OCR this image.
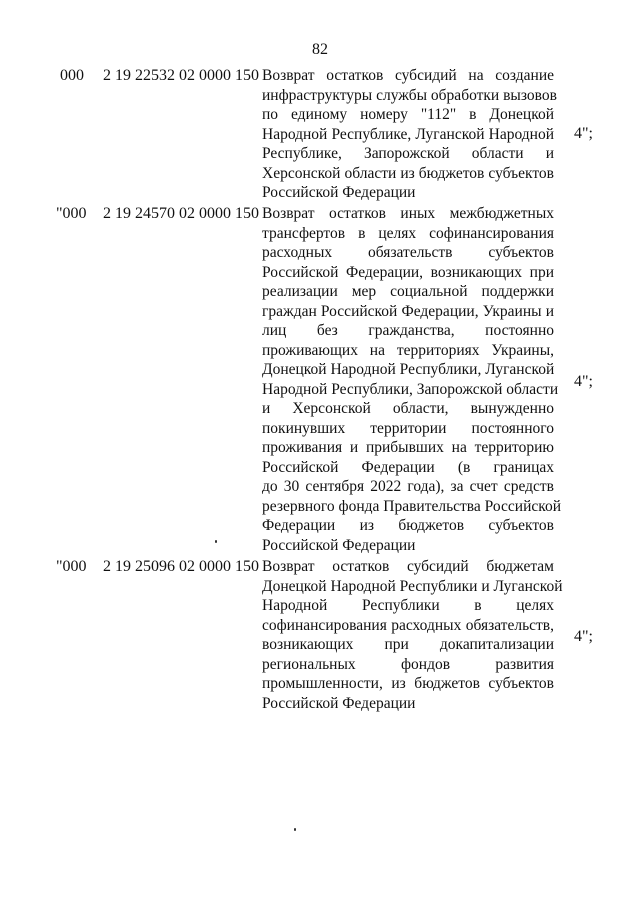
82
000 2 19 22532 02 0000 150 Возврат остатков субсидий на создание
инфраструктуры службы обработки вызовов
по единому номеру "112" в Донецкой
Народной Республике, Луганской Народной
Республике, Запорожской области и
Херсонской области из бюджетов субъектов
Российской Федерации
4";
"000 2 19 24570 02 0000 150 Возврат остатков иных межбюджетных
трансфертов в целях софинансирования
расходных обязательств субъектов
Российской Федерации, возникающих при
реализации мер социальной поддержки
граждан Российской Федерации, Украины и
лиц без гражданства, постоянно
проживающих на территориях Украины,
Донецкой Народной Республики, Луганской
Народной Республики, Запорожской области
и Херсонской области, вынужденно
покинувших территории постоянного
проживания и прибывших на территорию
Российской Федерации (в границах
до 30 сентября 2022 года), за счет средств
резервного фонда Правительства Российской
Федерации из бюджетов субъектов
Российской Федерации
4";
"000 2 19 25096 02 0000 150 Возврат остатков субсидий бюджетам
Донецкой Народной Республики и Луганской
Народной Республики в целях
софинансирования расходных обязательств,
возникающих при докапитализации
региональных фондов развития
промышленности, из бюджетов субъектов
Российской Федерации
4";
